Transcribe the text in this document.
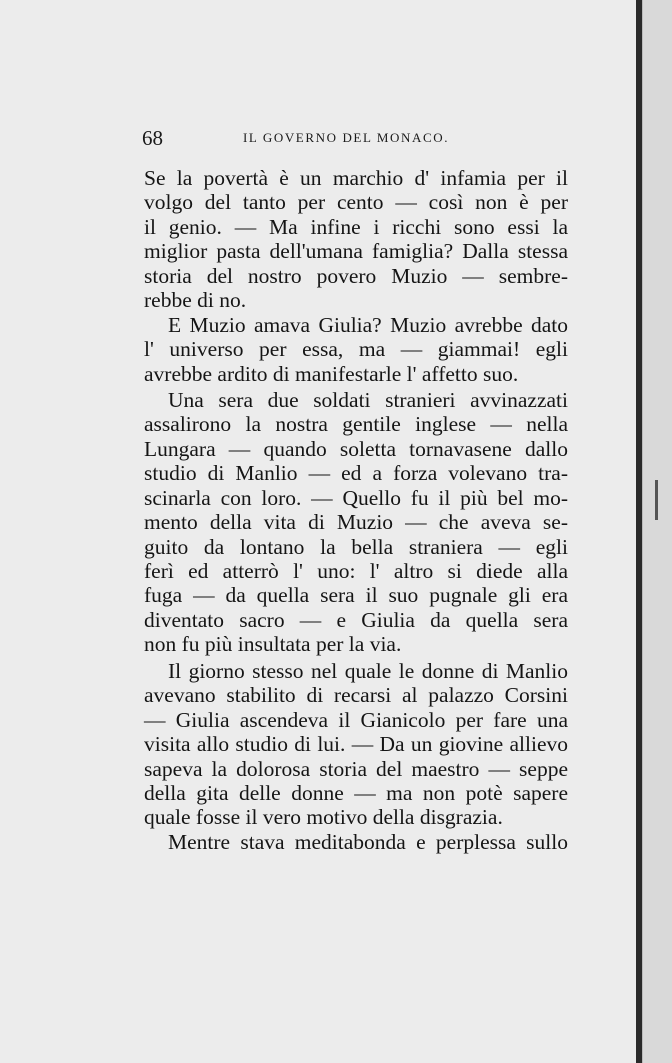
68	IL GOVERNO DEL MONACO.
Se la povertà è un marchio d' infamia per il
volgo del tanto per cento — così non è per
il genio. — Ma infine i ricchi sono essi la
miglior pasta dell'umana famiglia? Dalla stessa
storia del nostro povero Muzio — sembre-
rebbe di no.
E Muzio amava Giulia? Muzio avrebbe dato
l' universo per essa, ma — giammai! egli
avrebbe ardito di manifestarle l' affetto suo.
Una sera due soldati stranieri avvinazzati
assalirono la nostra gentile inglese — nella
Lungara — quando soletta tornavasene dallo
studio di Manlio — ed a forza volevano tra-
scinarla con loro. — Quello fu il più bel mo-
mento della vita di Muzio — che aveva se-
guito da lontano la bella straniera — egli
ferì ed atterrò l' uno: l' altro si diede alla
fuga — da quella sera il suo pugnale gli era
diventato sacro — e Giulia da quella sera
non fu più insultata per la via.
Il giorno stesso nel quale le donne di Manlio
avevano stabilito di recarsi al palazzo Corsini
— Giulia ascendeva il Gianicolo per fare una
visita allo studio di lui. — Da un giovine allievo
sapeva la dolorosa storia del maestro — seppe
della gita delle donne — ma non potè sapere
quale fosse il vero motivo della disgrazia.
Mentre stava meditabonda e perplessa sullo
